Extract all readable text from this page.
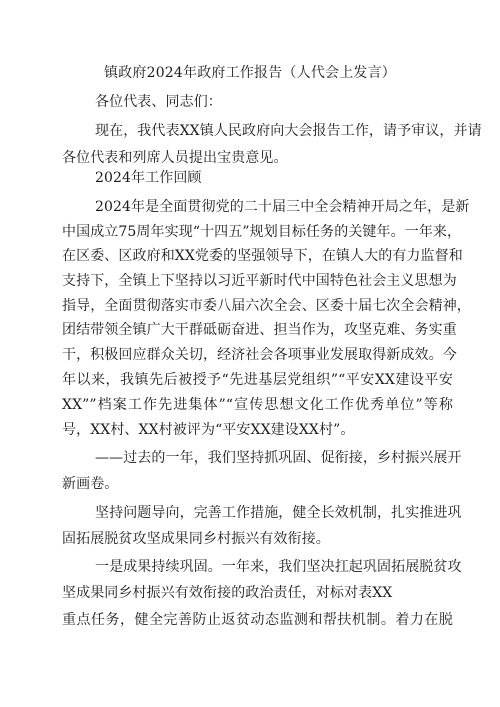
镇政府2024年政府工作报告（人代会上发言）
各位代表、同志们：
现在，我代表XX镇人民政府向大会报告工作，请予审议，并请
各位代表和列席人员提出宝贵意见。
2024年工作回顾
2024年是全面贯彻党的二十届三中全会精神开局之年，是新
中国成立75周年实现“十四五”规划目标任务的关键年。一年来，
在区委、区政府和XX党委的坚强领导下，在镇人大的有力监督和
支持下，全镇上下坚持以习近平新时代中国特色社会主义思想为
指导，全面贯彻落实市委八届六次全会、区委十届七次全会精神，
团结带领全镇广大干群砥砺奋进、担当作为，攻坚克难、务实重
干，积极回应群众关切，经济社会各项事业发展取得新成效。今
年以来，我镇先后被授予“先进基层党组织”“平安XX建设平安
XX””档案工作先进集体”“宣传思想文化工作优秀单位”等称
号，XX村、XX村被评为“平安XX建设XX村”。
——过去的一年，我们坚持抓巩固、促衔接，乡村振兴展开
新画卷。
坚持问题导向，完善工作措施，健全长效机制，扎实推进巩
固拓展脱贫攻坚成果同乡村振兴有效衔接。
一是成果持续巩固。一年来，我们坚决扛起巩固拓展脱贫攻
坚成果同乡村振兴有效衔接的政治责任，对标对表XX
重点任务，健全完善防止返贫动态监测和帮扶机制。着力在脱
